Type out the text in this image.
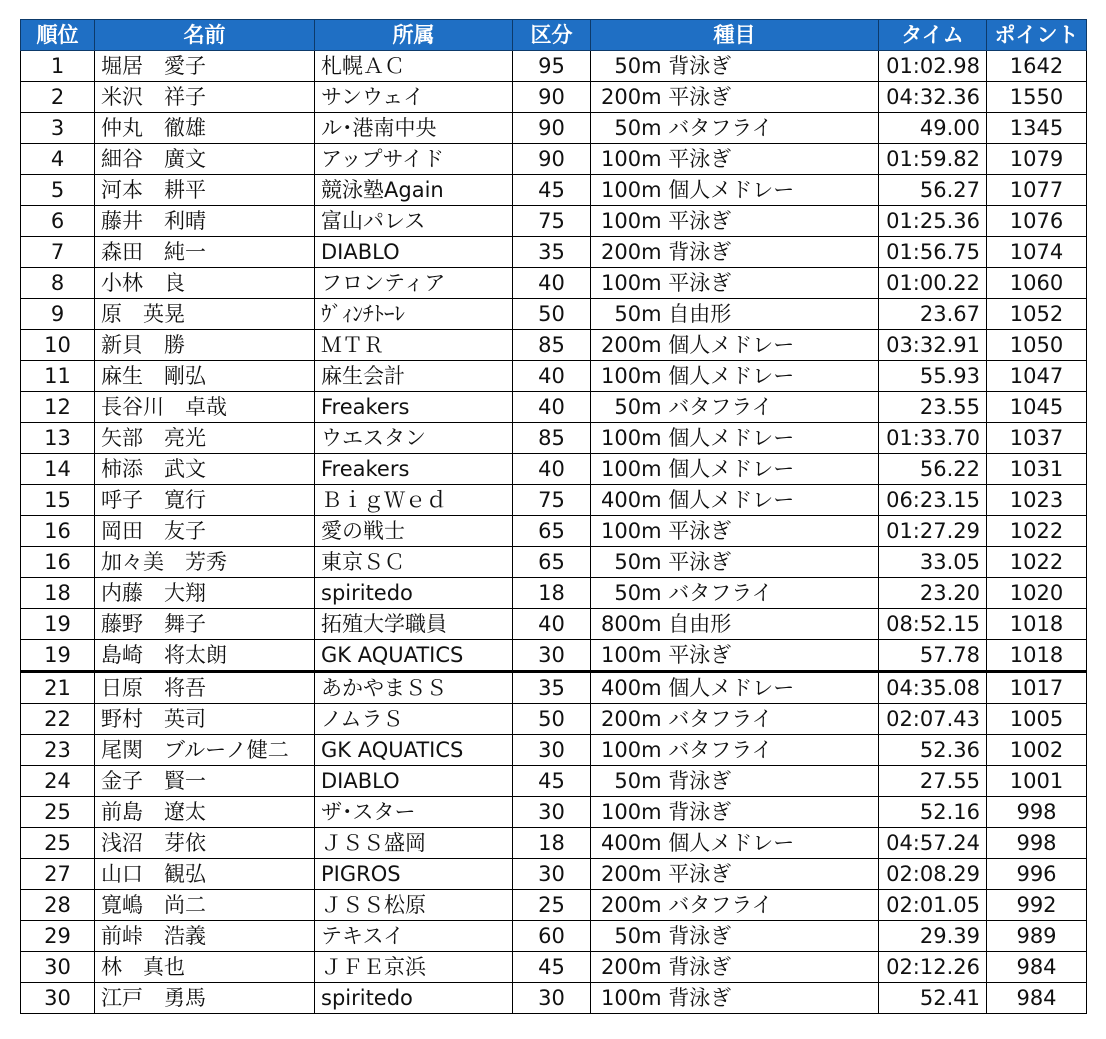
順位	名前	所属	区分	種目	タイム	ポイント
1	堀居　愛子	札幌ＡＣ	95	50m 背泳ぎ	01:02.98	1642
2	米沢　祥子	サンウェイ	90	200m 平泳ぎ	04:32.36	1550
3	仲丸　徹雄	ル･港南中央	90	50m バタフライ	49.00	1345
4	細谷　廣文	アップサイド	90	100m 平泳ぎ	01:59.82	1079
5	河本　耕平	競泳塾Again	45	100m 個人メドレー	56.27	1077
6	藤井　利晴	富山パレス	75	100m 平泳ぎ	01:25.36	1076
7	森田　純一	DIABLO	35	200m 背泳ぎ	01:56.75	1074
8	小林　良	フロンティア	40	100m 平泳ぎ	01:00.22	1060
9	原　英晃	ｳﾞｨﾝﾁﾄｰﾚ	50	50m 自由形	23.67	1052
10	新貝　勝	ＭＴＲ	85	200m 個人メドレー	03:32.91	1050
11	麻生　剛弘	麻生会計	40	100m 個人メドレー	55.93	1047
12	長谷川　卓哉	Freakers	40	50m バタフライ	23.55	1045
13	矢部　亮光	ウエスタン	85	100m 個人メドレー	01:33.70	1037
14	柿添　武文	Freakers	40	100m 個人メドレー	56.22	1031
15	呼子　寛行	ＢｉｇＷｅｄ	75	400m 個人メドレー	06:23.15	1023
16	岡田　友子	愛の戦士	65	100m 平泳ぎ	01:27.29	1022
16	加々美　芳秀	東京ＳＣ	65	50m 平泳ぎ	33.05	1022
18	内藤　大翔	spiritedo	18	50m バタフライ	23.20	1020
19	藤野　舞子	拓殖大学職員	40	800m 自由形	08:52.15	1018
19	島崎　将太朗	GK AQUATICS	30	100m 平泳ぎ	57.78	1018
21	日原　将吾	あかやまＳＳ	35	400m 個人メドレー	04:35.08	1017
22	野村　英司	ノムラＳ	50	200m バタフライ	02:07.43	1005
23	尾関　ブルーノ健二	GK AQUATICS	30	100m バタフライ	52.36	1002
24	金子　賢一	DIABLO	45	50m 背泳ぎ	27.55	1001
25	前島　遼太	ザ･スター	30	100m 背泳ぎ	52.16	998
25	浅沼　芽依	ＪＳＳ盛岡	18	400m 個人メドレー	04:57.24	998
27	山口　観弘	PIGROS	30	200m 平泳ぎ	02:08.29	996
28	寛嶋　尚二	ＪＳＳ松原	25	200m バタフライ	02:01.05	992
29	前峠　浩義	テキスイ	60	50m 背泳ぎ	29.39	989
30	林　真也	ＪＦＥ京浜	45	200m 背泳ぎ	02:12.26	984
30	江戸　勇馬	spiritedo	30	100m 背泳ぎ	52.41	984
